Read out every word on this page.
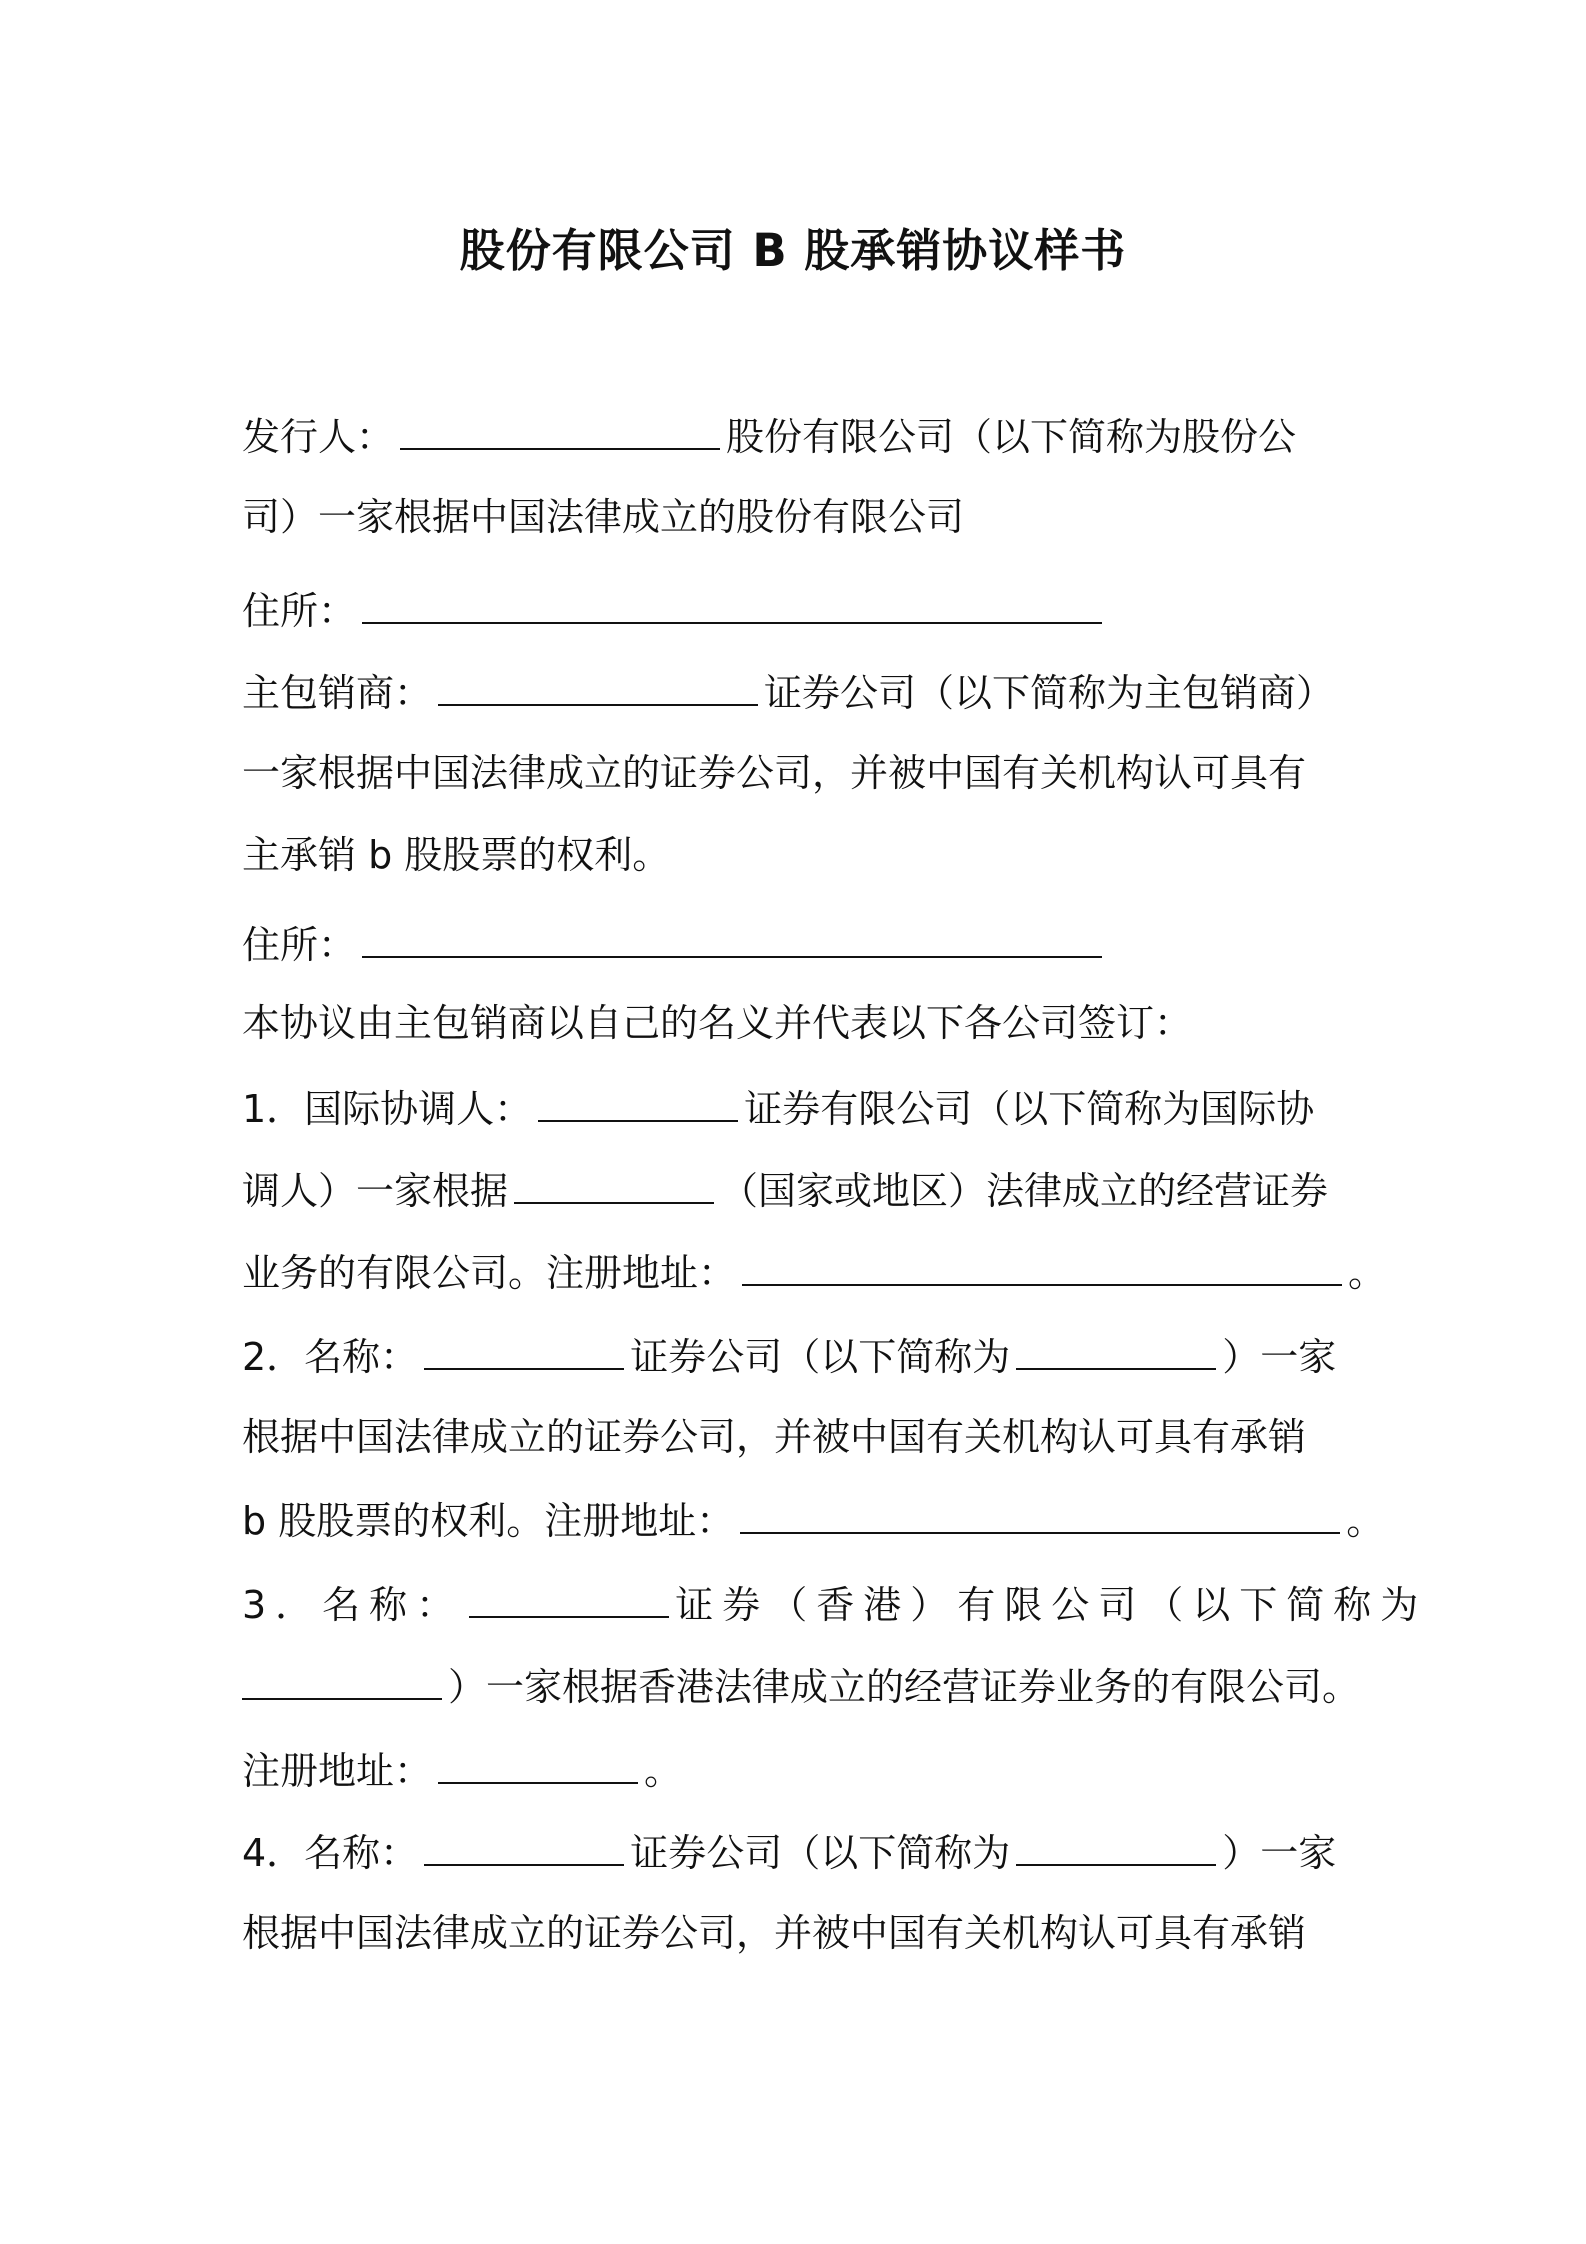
股份有限公司 B 股承销协议样书
发行人：	股份有限公司（以下简称为股份公
司）一家根据中国法律成立的股份有限公司
住所：
主包销商：	证券公司（以下简称为主包销商）
一家根据中国法律成立的证券公司，并被中国有关机构认可具有
主承销 b 股股票的权利。
住所：
本协议由主包销商以自己的名义并代表以下各公司签订：
1．国际协调人：	证券有限公司（以下简称为国际协
调人）一家根据	（国家或地区）法律成立的经营证券
业务的有限公司。注册地址：	。
2．名称：	证券公司（以下简称为	）一家
根据中国法律成立的证券公司，并被中国有关机构认可具有承销
b 股股票的权利。注册地址：	。
3．名称：	证券（香港）有限公司（以下简称为
）一家根据香港法律成立的经营证券业务的有限公司。
注册地址：	。
4．名称：	证券公司（以下简称为	）一家
根据中国法律成立的证券公司，并被中国有关机构认可具有承销
